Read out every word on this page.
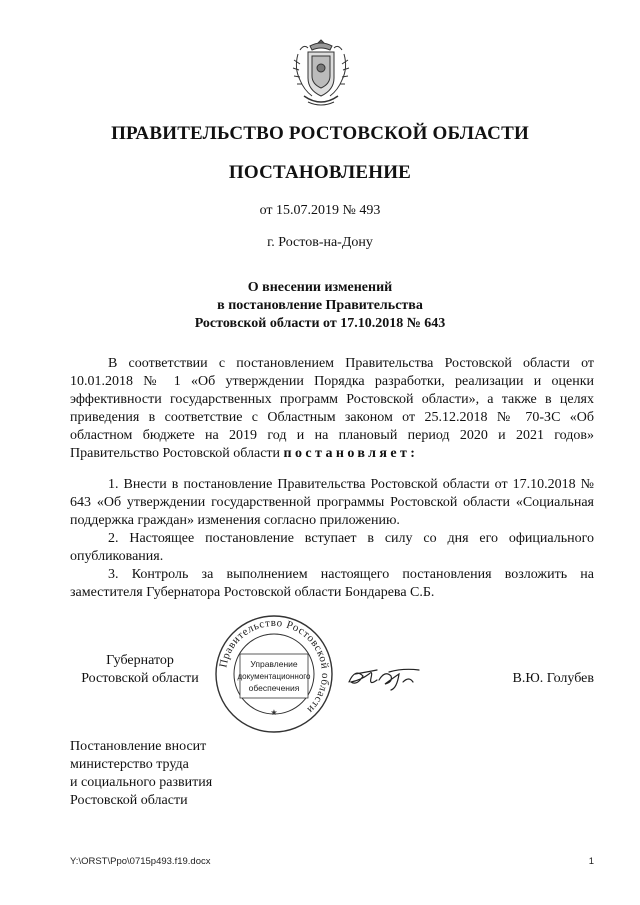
ПРАВИТЕЛЬСТВО РОСТОВСКОЙ ОБЛАСТИ
ПОСТАНОВЛЕНИЕ
от 15.07.2019 № 493
г. Ростов-на-Дону
О внесении изменений
в постановление Правительства
Ростовской области от 17.10.2018 № 643

В соответствии с постановлением Правительства Ростовской области от 10.01.2018 № 1 «Об утверждении Порядка разработки, реализации и оценки эффективности государственных программ Ростовской области», а также в целях приведения в соответствие с Областным законом от 25.12.2018 № 70-ЗС «Об областном бюджете на 2019 год и на плановый период 2020 и 2021 годов» Правительство Ростовской области постановляет:

1. Внести в постановление Правительства Ростовской области от 17.10.2018 № 643 «Об утверждении государственной программы Ростовской области «Социальная поддержка граждан» изменения согласно приложению.

2. Настоящее постановление вступает в силу со дня его официального опубликования.

3. Контроль за выполнением настоящего постановления возложить на заместителя Губернатора Ростовской области Бондарева С.Б.

Губернатор
Ростовской области
Правительство Ростовской области
Управление
документационного
обеспечения
★
В.Ю. Голубев
Постановление вносит
министерство труда
и социального развития
Ростовской области
Y:\ORST\Ppo\0715p493.f19.docx	1
